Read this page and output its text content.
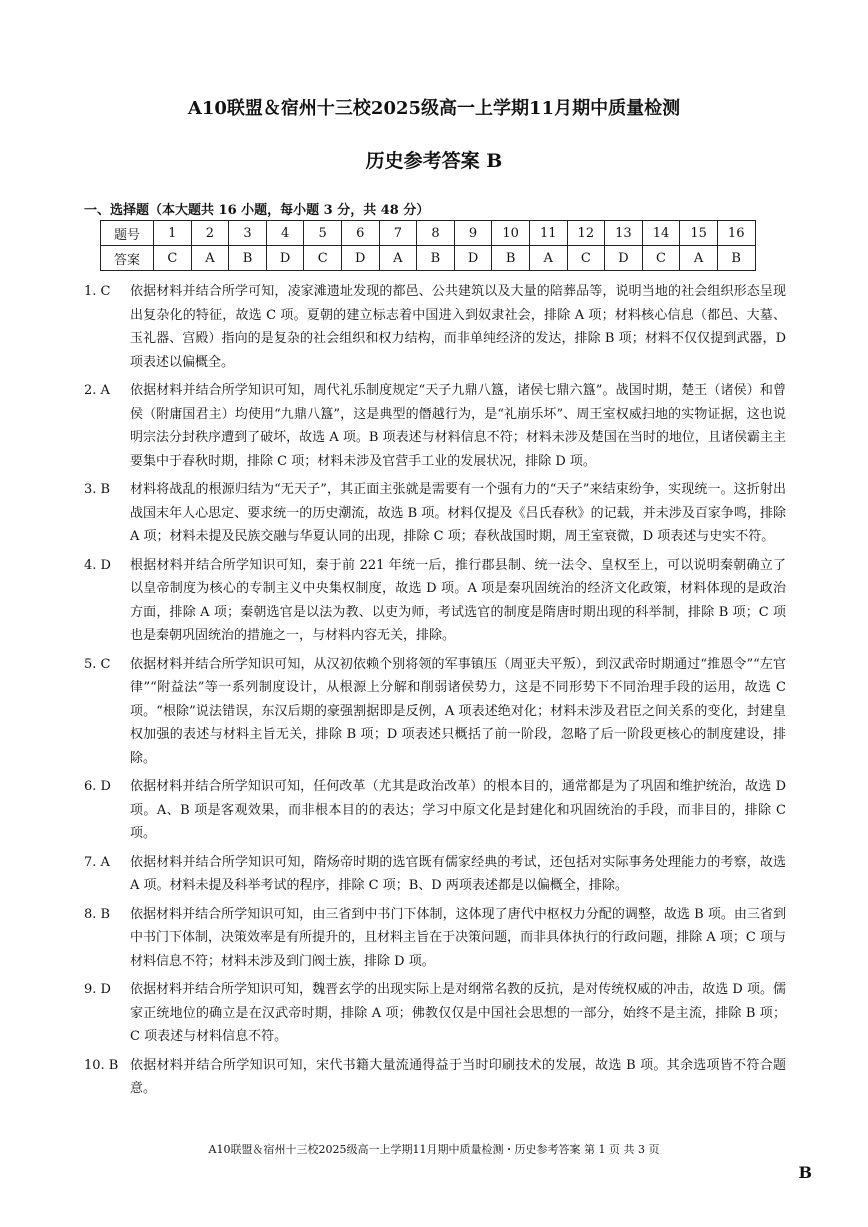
A10联盟＆宿州十三校2025级高一上学期11月期中质量检测
历史参考答案 B
一、选择题（本大题共 16 小题，每小题 3 分，共 48 分）
题号	1	2	3	4	5	6	7	8	9	10	11	12	13	14	15	16
答案	C	A	B	D	C	D	A	B	D	B	A	C	D	C	A	B
1. C	依据材料并结合所学可知，凌家滩遗址发现的都邑、公共建筑以及大量的陪葬品等，说明当地的社会组织形态呈现出复杂化的特征，故选 C 项。夏朝的建立标志着中国进入到奴隶社会，排除 A 项；材料核心信息（都邑、大墓、玉礼器、宫殿）指向的是复杂的社会组织和权力结构，而非单纯经济的发达，排除 B 项；材料不仅仅提到武器，D 项表述以偏概全。
2. A	依据材料并结合所学知识可知，周代礼乐制度规定“天子九鼎八簋，诸侯七鼎六簋”。战国时期，楚王（诸侯）和曾侯（附庸国君主）均使用“九鼎八簋”，这是典型的僭越行为，是“礼崩乐坏”、周王室权威扫地的实物证据，这也说明宗法分封秩序遭到了破坏，故选 A 项。B 项表述与材料信息不符；材料未涉及楚国在当时的地位，且诸侯霸主主要集中于春秋时期，排除 C 项；材料未涉及官营手工业的发展状况，排除 D 项。
3. B	材料将战乱的根源归结为“无天子”，其正面主张就是需要有一个强有力的“天子”来结束纷争，实现统一。这折射出战国末年人心思定、要求统一的历史潮流，故选 B 项。材料仅提及《吕氏春秋》的记载，并未涉及百家争鸣，排除 A 项；材料未提及民族交融与华夏认同的出现，排除 C 项；春秋战国时期，周王室衰微，D 项表述与史实不符。
4. D	根据材料并结合所学知识可知，秦于前 221 年统一后，推行郡县制、统一法令、皇权至上，可以说明秦朝确立了以皇帝制度为核心的专制主义中央集权制度，故选 D 项。A 项是秦巩固统治的经济文化政策，材料体现的是政治方面，排除 A 项；秦朝选官是以法为教、以吏为师，考试选官的制度是隋唐时期出现的科举制，排除 B 项；C 项也是秦朝巩固统治的措施之一，与材料内容无关，排除。
5. C	依据材料并结合所学知识可知，从汉初依赖个别将领的军事镇压（周亚夫平叛），到汉武帝时期通过“推恩令”“左官律”“附益法”等一系列制度设计，从根源上分解和削弱诸侯势力，这是不同形势下不同治理手段的运用，故选 C 项。“根除”说法错误，东汉后期的豪强割据即是反例，A 项表述绝对化；材料未涉及君臣之间关系的变化，封建皇权加强的表述与材料主旨无关，排除 B 项；D 项表述只概括了前一阶段，忽略了后一阶段更核心的制度建设，排除。
6. D	依据材料并结合所学知识可知，任何改革（尤其是政治改革）的根本目的，通常都是为了巩固和维护统治，故选 D 项。A、B 项是客观效果，而非根本目的的表达；学习中原文化是封建化和巩固统治的手段，而非目的，排除 C 项。
7. A	依据材料并结合所学知识可知，隋炀帝时期的选官既有儒家经典的考试，还包括对实际事务处理能力的考察，故选 A 项。材料未提及科举考试的程序，排除 C 项；B、D 两项表述都是以偏概全，排除。
8. B	依据材料并结合所学知识可知，由三省到中书门下体制，这体现了唐代中枢权力分配的调整，故选 B 项。由三省到中书门下体制，决策效率是有所提升的，且材料主旨在于决策问题，而非具体执行的行政问题，排除 A 项；C 项与材料信息不符；材料未涉及到门阀士族，排除 D 项。
9. D	依据材料并结合所学知识可知，魏晋玄学的出现实际上是对纲常名教的反抗，是对传统权威的冲击，故选 D 项。儒家正统地位的确立是在汉武帝时期，排除 A 项；佛教仅仅是中国社会思想的一部分，始终不是主流，排除 B 项；C 项表述与材料信息不符。
10. B 依据材料并结合所学知识可知，宋代书籍大量流通得益于当时印刷技术的发展，故选 B 项。其余选项皆不符合题意。
A10联盟＆宿州十三校2025级高一上学期11月期中质量检测・历史参考答案 第 1 页 共 3 页
B
